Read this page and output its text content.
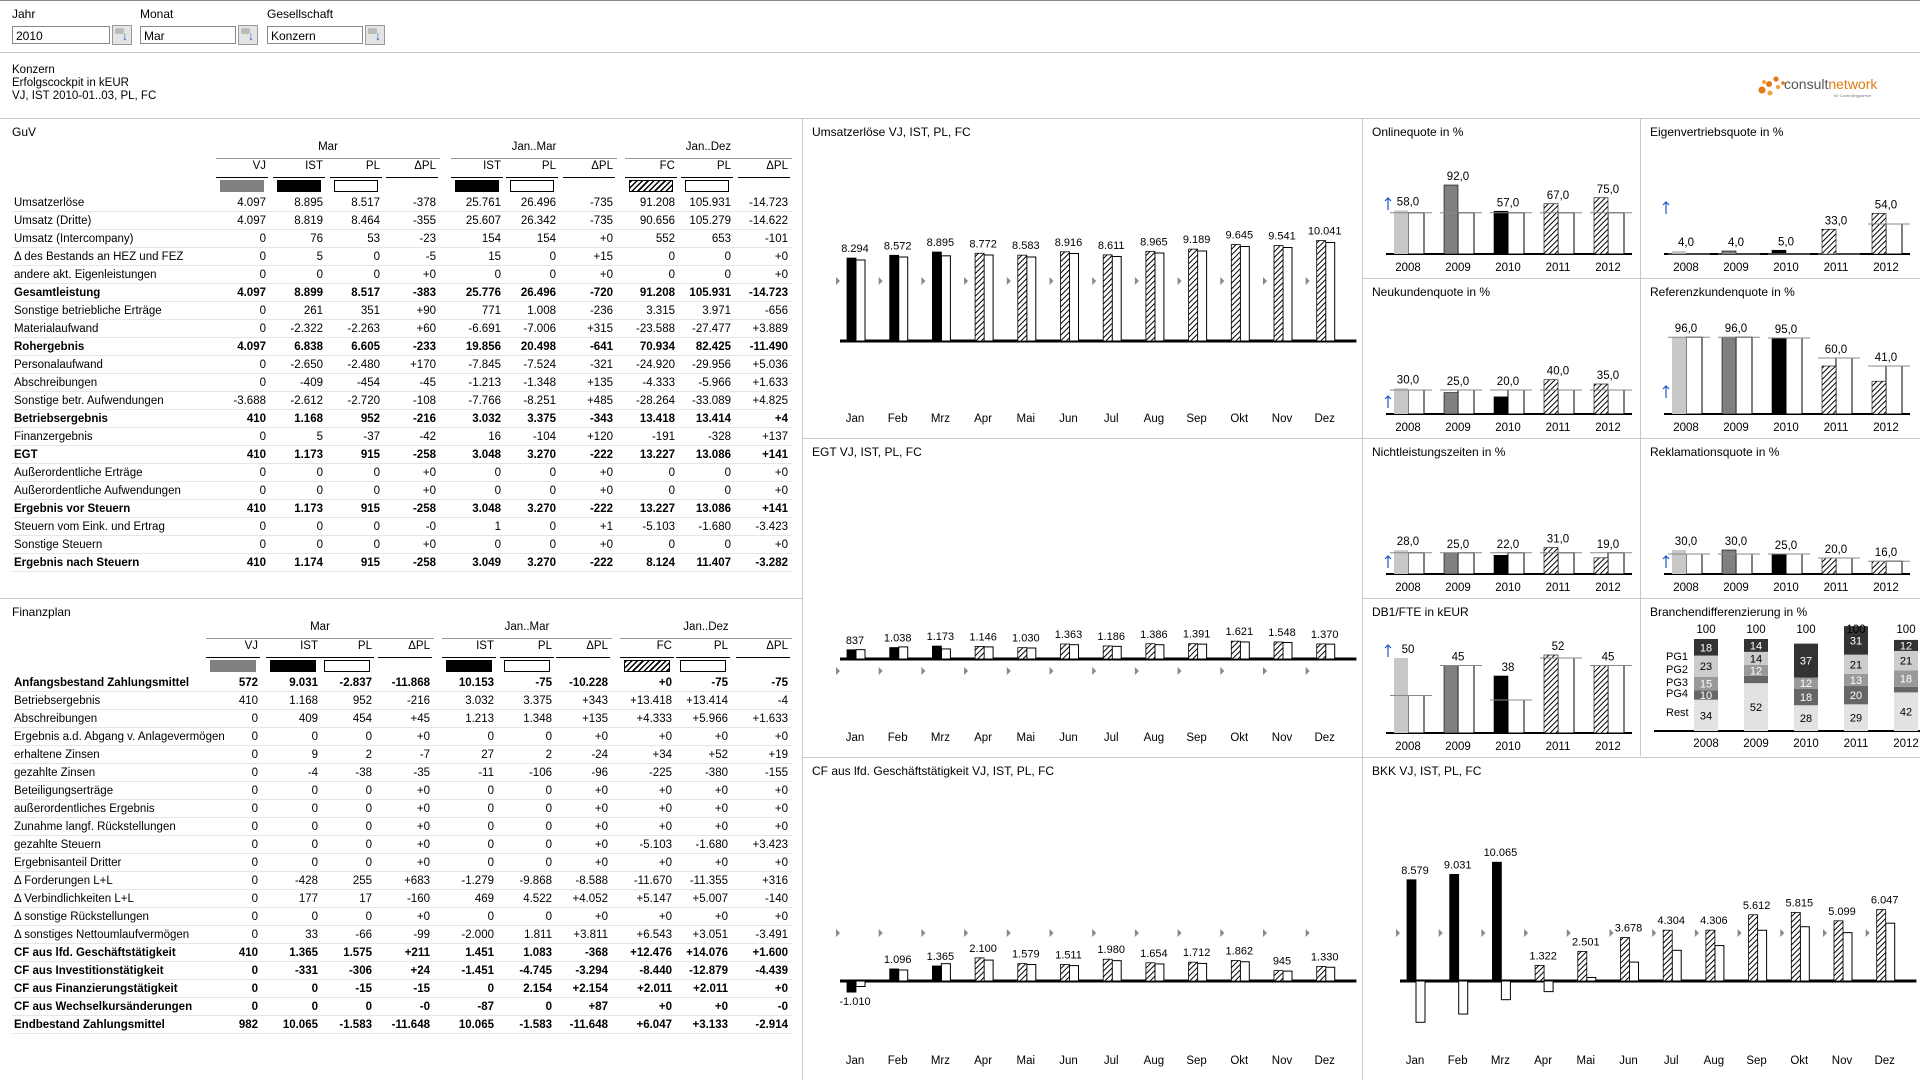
Jahr
2010	↓
Monat
Mar	↓
Gesellschaft
Konzern	↓
Konzern
Erfolgscockpit in kEUR
VJ, IST 2010-01..03, PL, FC
consultnetwork
für Controllingpartner
GuV
Mar	Jan..Mar	Jan..Dez
VJ	IST	PL	ΔPL	IST	PL	ΔPL	FC	PL	ΔPL
Umsatzerlöse	4.097	8.895	8.517	-378	25.761	26.496	-735	91.208	105.931	-14.723
Umsatz (Dritte)	4.097	8.819	8.464	-355	25.607	26.342	-735	90.656	105.279	-14.622
Umsatz (Intercompany)	0	76	53	-23	154	154	+0	552	653	-101
Δ des Bestands an HEZ und FEZ	0	5	0	-5	15	0	+15	0	0	+0
andere akt. Eigenleistungen	0	0	0	+0	0	0	+0	0	0	+0
Gesamtleistung	4.097	8.899	8.517	-383	25.776	26.496	-720	91.208	105.931	-14.723
Sonstige betriebliche Erträge	0	261	351	+90	771	1.008	-236	3.315	3.971	-656
Materialaufwand	0	-2.322	-2.263	+60	-6.691	-7.006	+315	-23.588	-27.477	+3.889
Rohergebnis	4.097	6.838	6.605	-233	19.856	20.498	-641	70.934	82.425	-11.490
Personalaufwand	0	-2.650	-2.480	+170	-7.845	-7.524	-321	-24.920	-29.956	+5.036
Abschreibungen	0	-409	-454	-45	-1.213	-1.348	+135	-4.333	-5.966	+1.633
Sonstige betr. Aufwendungen	-3.688	-2.612	-2.720	-108	-7.766	-8.251	+485	-28.264	-33.089	+4.825
Betriebsergebnis	410	1.168	952	-216	3.032	3.375	-343	13.418	13.414	+4
Finanzergebnis	0	5	-37	-42	16	-104	+120	-191	-328	+137
EGT	410	1.173	915	-258	3.048	3.270	-222	13.227	13.086	+141
Außerordentliche Erträge	0	0	0	+0	0	0	+0	0	0	+0
Außerordentliche Aufwendungen	0	0	0	+0	0	0	+0	0	0	+0
Ergebnis vor Steuern	410	1.173	915	-258	3.048	3.270	-222	13.227	13.086	+141
Steuern vom Eink. und Ertrag	0	0	0	-0	1	0	+1	-5.103	-1.680	-3.423
Sonstige Steuern	0	0	0	+0	0	0	+0	0	0	+0
Ergebnis nach Steuern	410	1.174	915	-258	3.049	3.270	-222	8.124	11.407	-3.282
Finanzplan
Mar	Jan..Mar	Jan..Dez
VJ	IST	PL	ΔPL	IST	PL	ΔPL	FC	PL	ΔPL
Anfangsbestand Zahlungsmittel	572	9.031	-2.837	-11.868	10.153	-75	-10.228	+0	-75	-75
Betriebsergebnis	410	1.168	952	-216	3.032	3.375	+343	+13.418	+13.414	-4
Abschreibungen	0	409	454	+45	1.213	1.348	+135	+4.333	+5.966	+1.633
Ergebnis a.d. Abgang v. Anlagevermögen	0	0	0	+0	0	0	+0	+0	+0	+0
erhaltene Zinsen	0	9	2	-7	27	2	-24	+34	+52	+19
gezahlte Zinsen	0	-4	-38	-35	-11	-106	-96	-225	-380	-155
Beteiligungserträge	0	0	0	+0	0	0	+0	+0	+0	+0
außerordentliches Ergebnis	0	0	0	+0	0	0	+0	+0	+0	+0
Zunahme langf. Rückstellungen	0	0	0	+0	0	0	+0	+0	+0	+0
gezahlte Steuern	0	0	0	+0	0	0	+0	-5.103	-1.680	+3.423
Ergebnisanteil Dritter	0	0	0	+0	0	0	+0	+0	+0	+0
Δ Forderungen L+L	0	-428	255	+683	-1.279	-9.868	-8.588	-11.670	-11.355	+316
Δ Verbindlichkeiten L+L	0	177	17	-160	469	4.522	+4.052	+5.147	+5.007	-140
Δ sonstige Rückstellungen	0	0	0	+0	0	0	+0	+0	+0	+0
Δ sonstiges Nettoumlaufvermögen	0	33	-66	-99	-2.000	1.811	+3.811	+6.543	+3.051	-3.491
CF aus lfd. Geschäftstätigkeit	410	1.365	1.575	+211	1.451	1.083	-368	+12.476	+14.076	+1.600
CF aus Investitionstätigkeit	0	-331	-306	+24	-1.451	-4.745	-3.294	-8.440	-12.879	-4.439
CF aus Finanzierungstätigkeit	0	0	-15	-15	0	2.154	+2.154	+2.011	+2.011	+0
CF aus Wechselkursänderungen	0	0	0	-0	-87	0	+87	+0	+0	-0
Endbestand Zahlungsmittel	982	10.065	-1.583	-11.648	10.065	-1.583	-11.648	+6.047	+3.133	-2.914
Umsatzerlöse VJ, IST, PL, FC
8.294
Jan
8.572
Feb
8.895
Mrz
8.772
Apr
8.583
Mai
8.916
Jun
8.611
Jul
8.965
Aug
9.189
Sep
9.645
Okt
9.541
Nov
10.041
Dez
EGT VJ, IST, PL, FC
837
Jan
1.038
Feb
1.173
Mrz
1.146
Apr
1.030
Mai
1.363
Jun
1.186
Jul
1.386
Aug
1.391
Sep
1.621
Okt
1.548
Nov
1.370
Dez
CF aus lfd. Geschäftstätigkeit VJ, IST, PL, FC
-1.010
Jan
1.096
Feb
1.365
Mrz
2.100
Apr
1.579
Mai
1.511
Jun
1.980
Jul
1.654
Aug
1.712
Sep
1.862
Okt
945
Nov
1.330
Dez
BKK VJ, IST, PL, FC
8.579
Jan
9.031
Feb
10.065
Mrz
1.322
Apr
2.501
Mai
3.678
Jun
4.304
Jul
4.306
Aug
5.612
Sep
5.815
Okt
5.099
Nov
6.047
Dez
Onlinequote in %
58,0
2008
92,0
2009
57,0
2010
67,0
2011
75,0
2012
Eigenvertriebsquote in %
4,0
2008
4,0
2009
5,0
2010
33,0
2011
54,0
2012
Neukundenquote in %
30,0
2008
25,0
2009
20,0
2010
40,0
2011
35,0
2012
Referenzkundenquote in %
96,0
2008
96,0
2009
95,0
2010
60,0
2011
41,0
2012
Nichtleistungszeiten in %
28,0
2008
25,0
2009
22,0
2010
31,0
2011
19,0
2012
Reklamationsquote in %
30,0
2008
30,0
2009
25,0
2010
20,0
2011
16,0
2012
DB1/FTE in kEUR
50
2008
45
2009
38
2010
52
2011
45
2012
Branchendifferenzierung in %
PG1
PG2
PG3
PG4
Rest 34
10
15
23
18
100
2008
52
12
14
14
100
2009
28
18
12
37
100
2010
29
20
13
21
31
100
2011
42
18
21
12
100
2012
